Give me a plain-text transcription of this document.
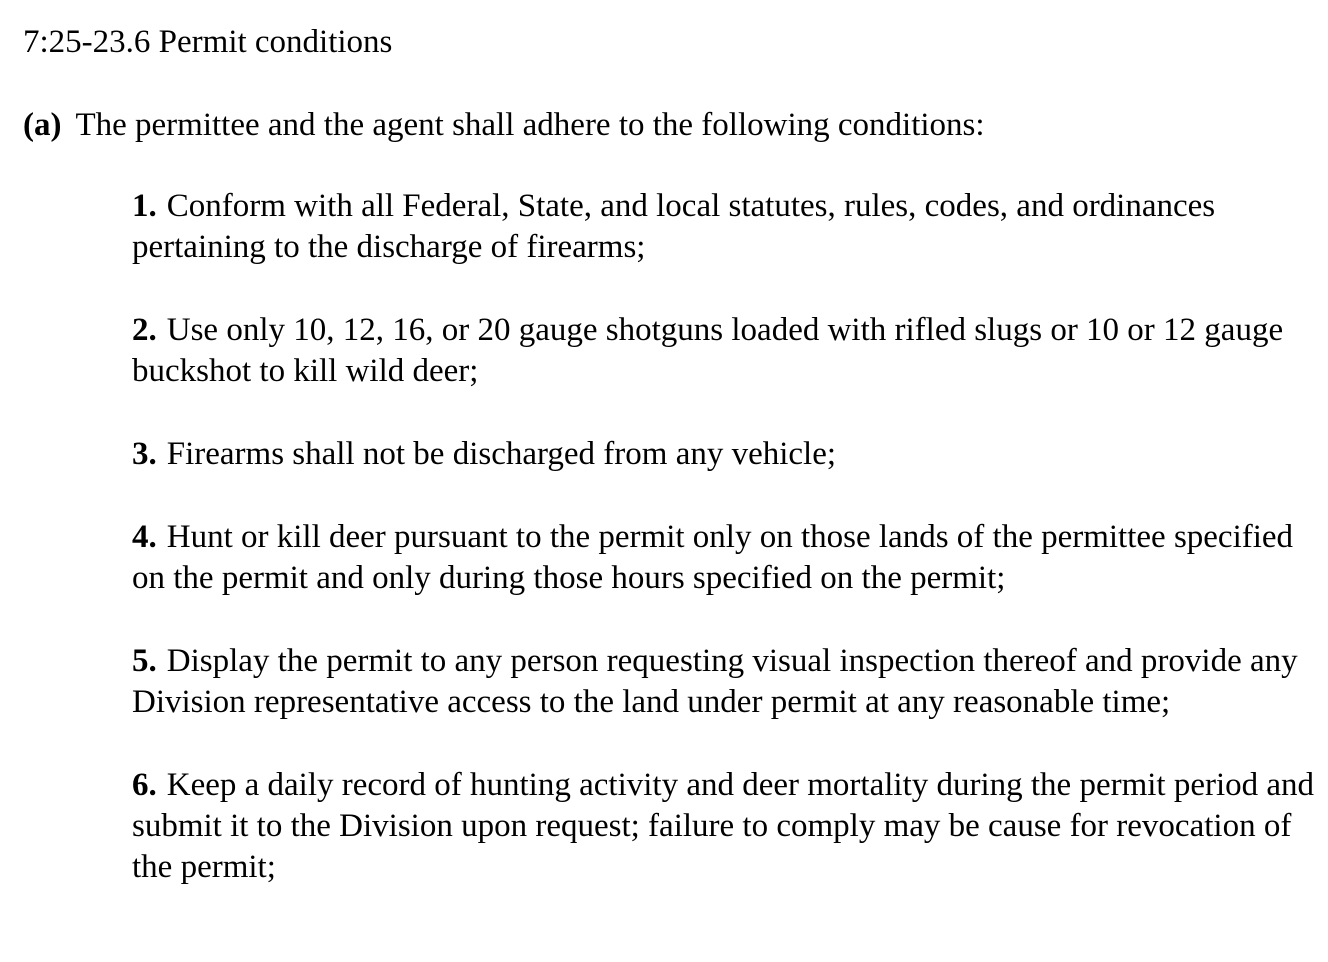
7:25-23.6 Permit conditions
(a) The permittee and the agent shall adhere to the following conditions:
1. Conform with all Federal, State, and local statutes, rules, codes, and ordinances pertaining to the discharge of firearms;
2. Use only 10, 12, 16, or 20 gauge shotguns loaded with rifled slugs or 10 or 12 gauge buckshot to kill wild deer;
3. Firearms shall not be discharged from any vehicle;
4. Hunt or kill deer pursuant to the permit only on those lands of the permittee specified on the permit and only during those hours specified on the permit;
5. Display the permit to any person requesting visual inspection thereof and provide any Division representative access to the land under permit at any reasonable time;
6. Keep a daily record of hunting activity and deer mortality during the permit period and submit it to the Division upon request; failure to comply may be cause for revocation of the permit;
